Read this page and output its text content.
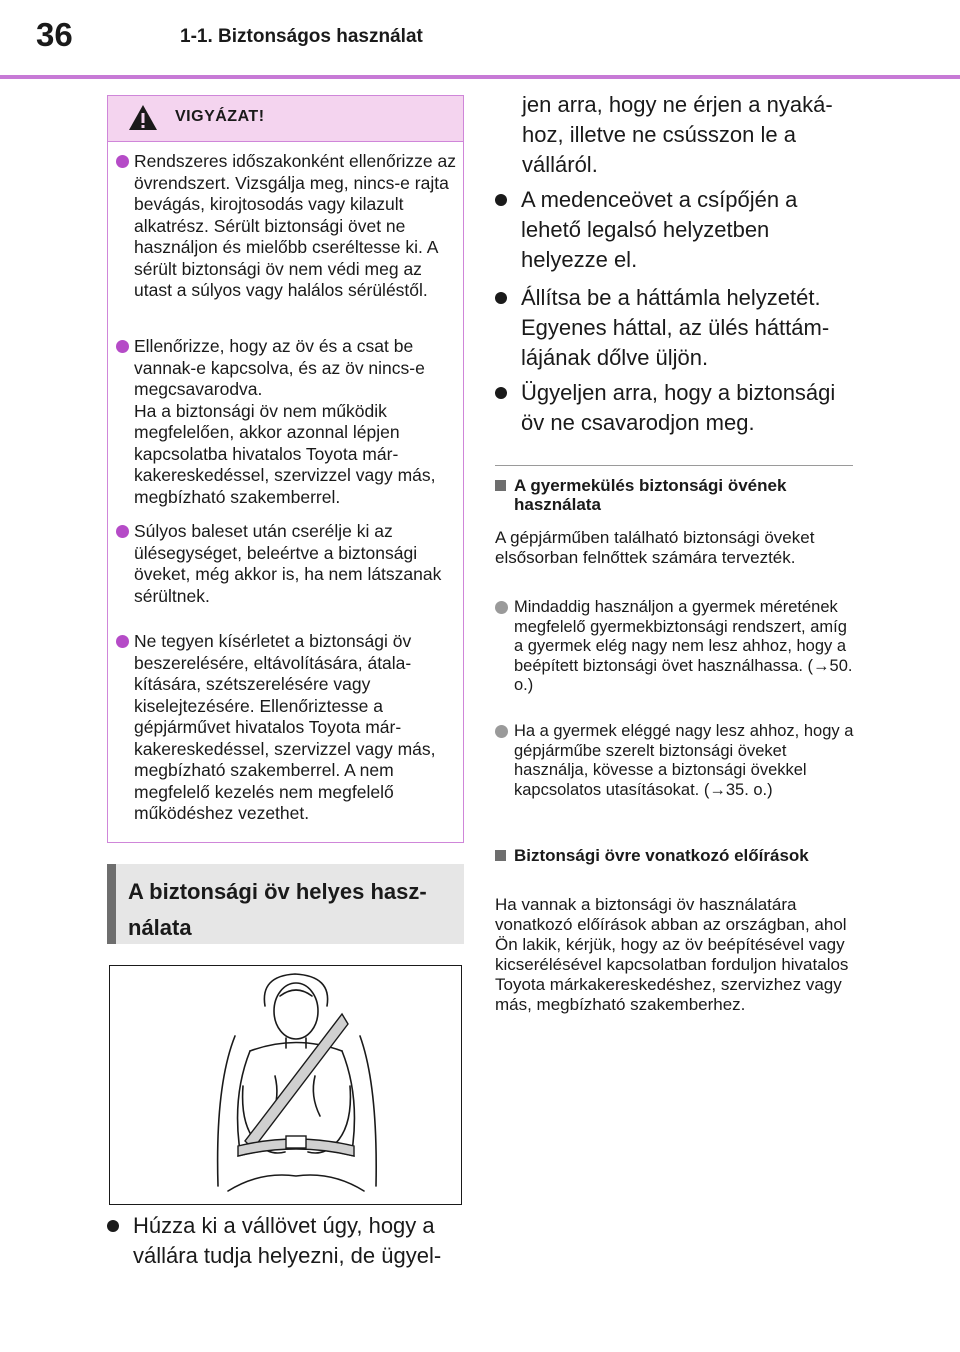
36	1-1. Biztonságos használat
VIGYÁZAT!
Rendszeres időszakonként ellenőrizze az övrendszert. Vizsgálja meg, nincs-e rajta bevágás, kirojtosodás vagy kilazult alkatrész. Sérült biztonsági övet ne használjon és mielőbb cseréltesse ki. A sérült biztonsági öv nem védi meg az utast a súlyos vagy halálos sérüléstől.
Ellenőrizze, hogy az öv és a csat be vannak-e kapcsolva, és az öv nincs-e megcsavarodva.
Ha a biztonsági öv nem működik megfelelően, akkor azonnal lépjen kapcsolatba hivatalos Toyota márkakereskedéssel, szervizzel vagy más, megbízható szakemberrel.
Súlyos baleset után cserélje ki az ülésegységet, beleértve a biztonsági öveket, még akkor is, ha nem látszanak sérültnek.
Ne tegyen kísérletet a biztonsági öv beszerelésére, eltávolítására, átalakítására, szétszerelésére vagy kiselejtezésére. Ellenőriztesse a gépjárművet hivatalos Toyota márkakereskedéssel, szervizzel vagy más, megbízható szakemberrel. A nem megfelelő kezelés nem megfelelő működéshez vezethet.
A biztonsági öv helyes használata
Húzza ki a vállövet úgy, hogy a vállára tudja helyezni, de ügyel-
jen arra, hogy ne érjen a nyakához, illetve ne csússzon le a válláról.
A medenceövet a csípőjén a lehető legalsó helyzetben helyezze el.
Állítsa be a háttámla helyzetét. Egyenes háttal, az ülés háttámlájának dőlve üljön.
Ügyeljen arra, hogy a biztonsági öv ne csavarodjon meg.
A gyermekülés biztonsági övének használata
A gépjárműben található biztonsági öveket elsősorban felnőttek számára tervezték.
Mindaddig használjon a gyermek méretének megfelelő gyermekbiztonsági rendszert, amíg a gyermek elég nagy nem lesz ahhoz, hogy a beépített biztonsági övet használhassa. (→50. o.)
Ha a gyermek eléggé nagy lesz ahhoz, hogy a gépjárműbe szerelt biztonsági öveket használja, kövesse a biztonsági övekkel kapcsolatos utasításokat. (→35. o.)
Biztonsági övre vonatkozó előírások
Ha vannak a biztonsági öv használatára vonatkozó előírások abban az országban, ahol Ön lakik, kérjük, hogy az öv beépítésével vagy kicserélésével kapcsolatban forduljon hivatalos Toyota márkakereskedéshez, szervizhez vagy más, megbízható szakemberhez.
